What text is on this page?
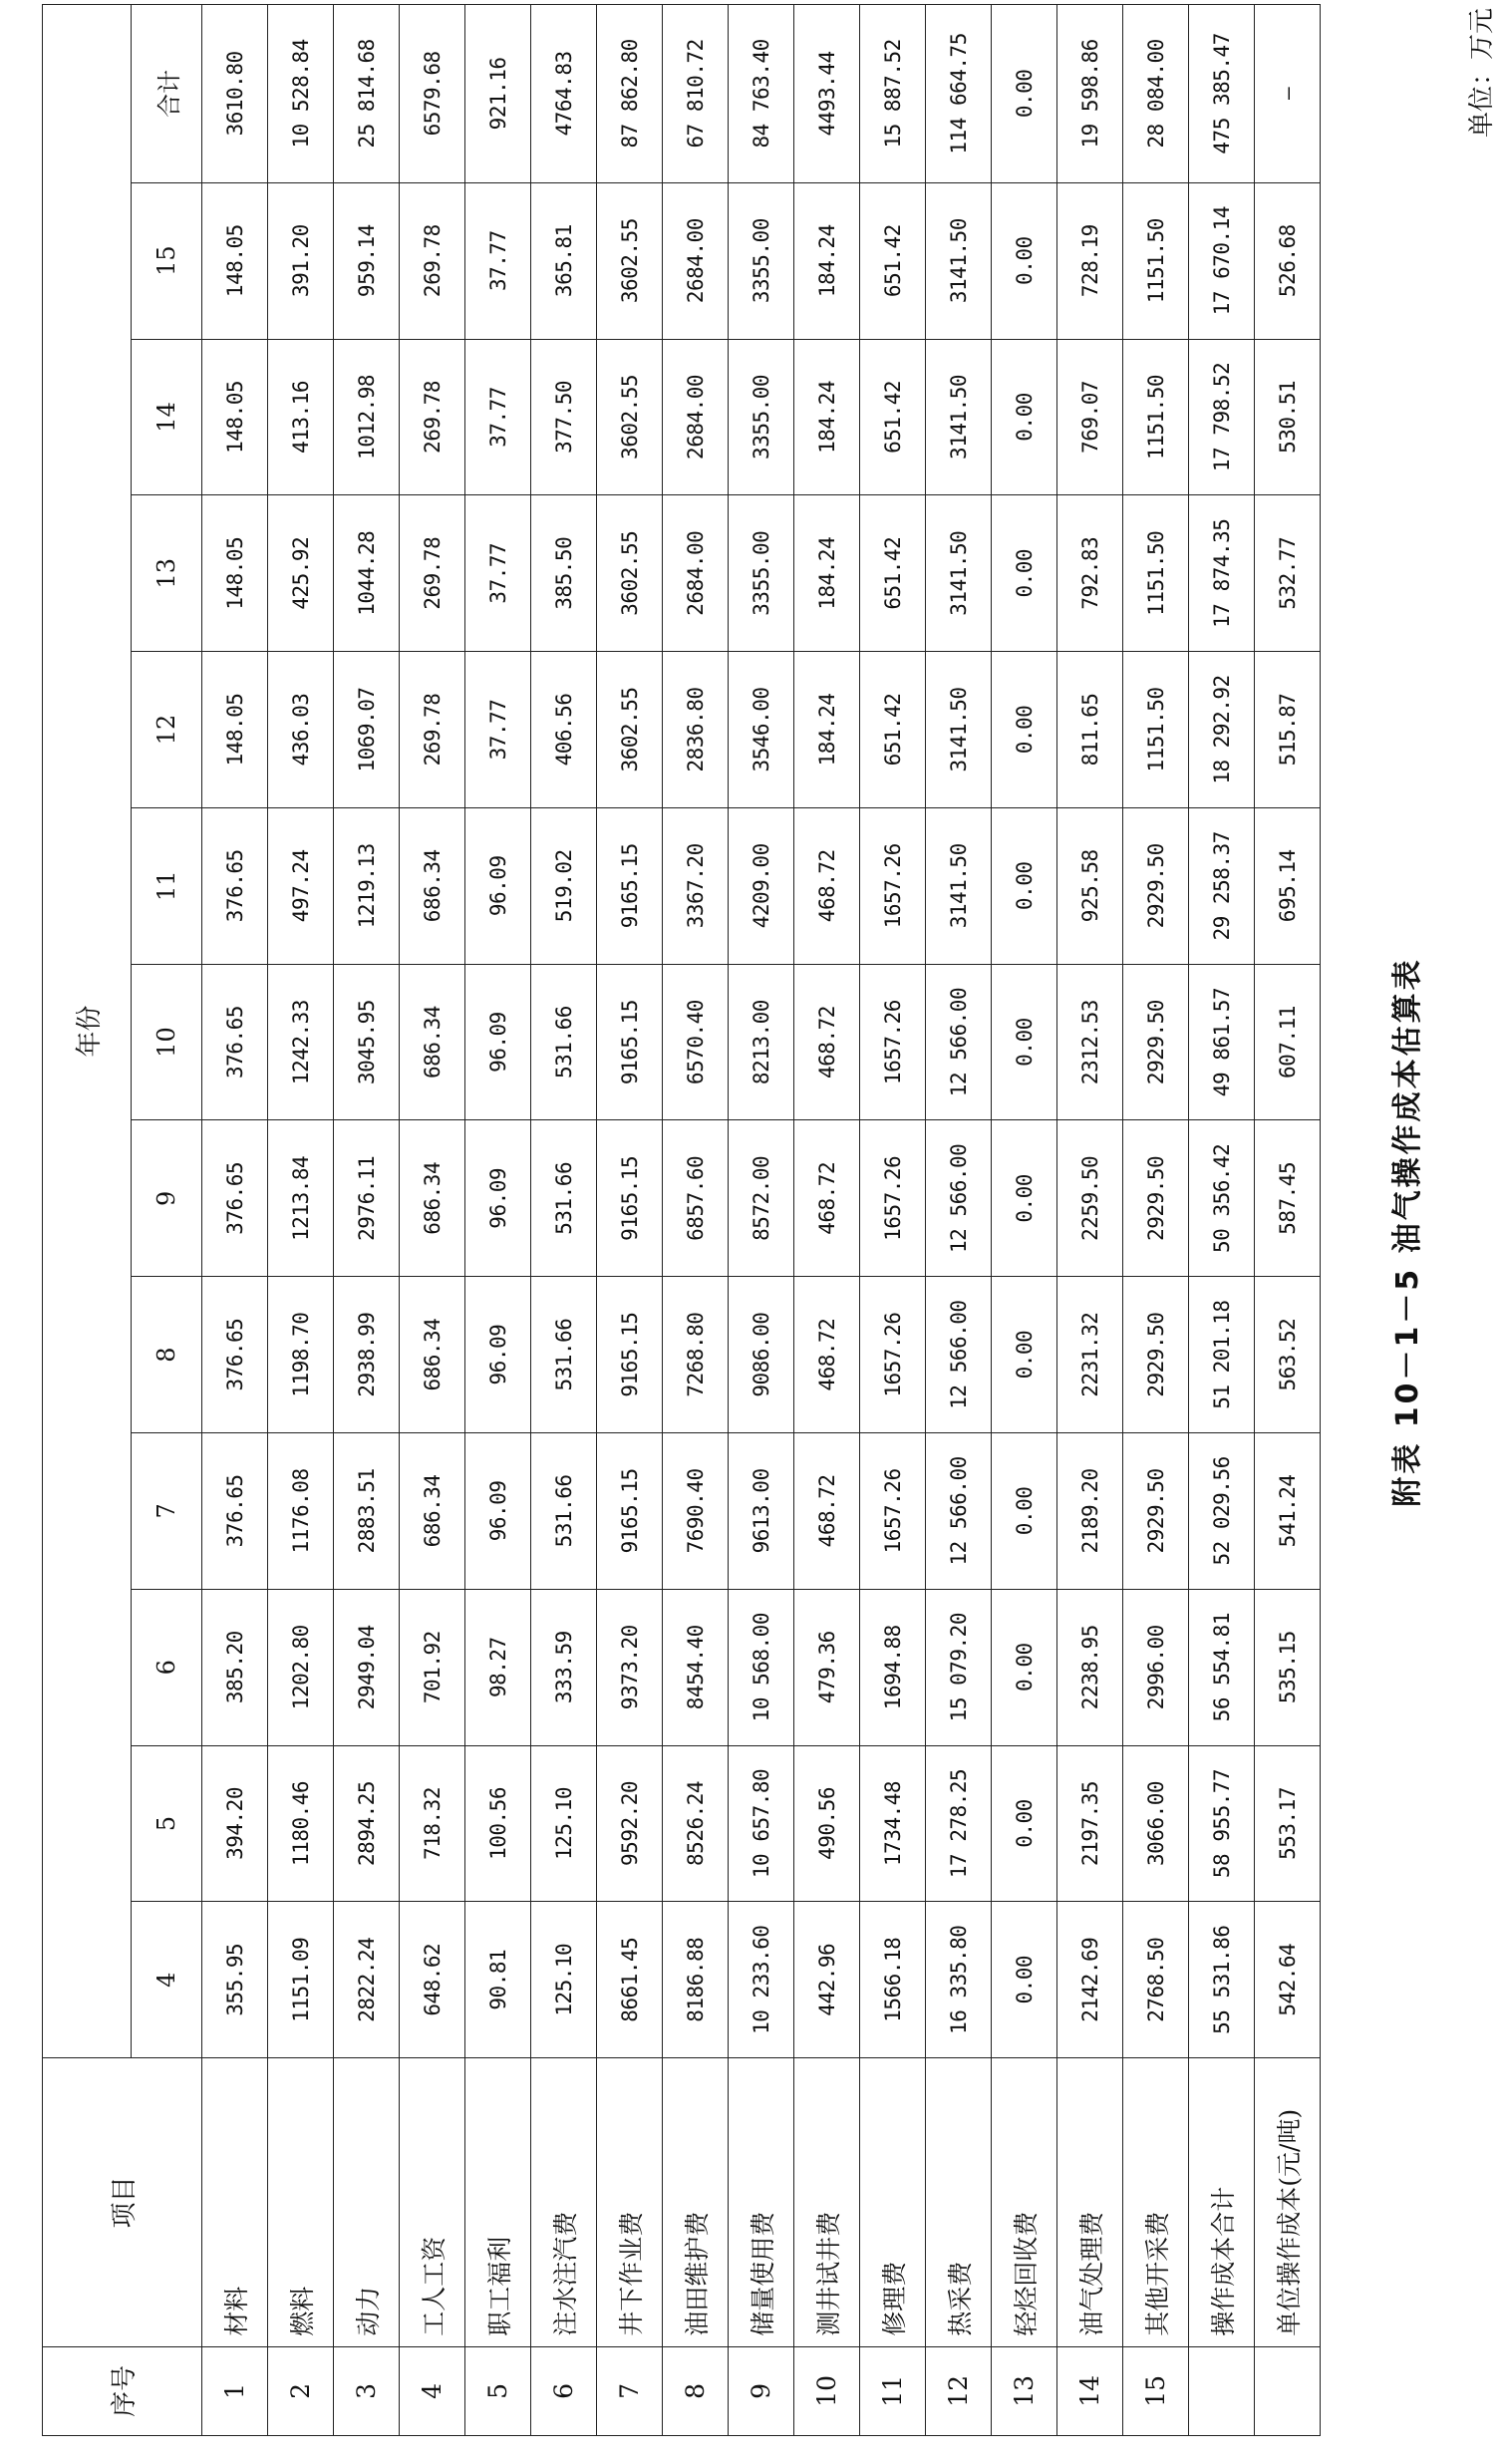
附表 10－1－5 油气操作成本估算表
单位：万元
序号	项目	年份												
		4	5	6	7	8	9	10	11	12	13	14	15	合计
1	材料	355.95	394.20	385.20	376.65	376.65	376.65	376.65	376.65	148.05	148.05	148.05	148.05	3610.80
2	燃料	1151.09	1180.46	1202.80	1176.08	1198.70	1213.84	1242.33	497.24	436.03	425.92	413.16	391.20	10 528.84
3	动力	2822.24	2894.25	2949.04	2883.51	2938.99	2976.11	3045.95	1219.13	1069.07	1044.28	1012.98	959.14	25 814.68
4	工人工资	648.62	718.32	701.92	686.34	686.34	686.34	686.34	686.34	269.78	269.78	269.78	269.78	6579.68
5	职工福利	90.81	100.56	98.27	96.09	96.09	96.09	96.09	96.09	37.77	37.77	37.77	37.77	921.16
6	注水注汽费	125.10	125.10	333.59	531.66	531.66	531.66	531.66	519.02	406.56	385.50	377.50	365.81	4764.83
7	井下作业费	8661.45	9592.20	9373.20	9165.15	9165.15	9165.15	9165.15	9165.15	3602.55	3602.55	3602.55	3602.55	87 862.80
8	油田维护费	8186.88	8526.24	8454.40	7690.40	7268.80	6857.60	6570.40	3367.20	2836.80	2684.00	2684.00	2684.00	67 810.72
9	储量使用费	10 233.60	10 657.80	10 568.00	9613.00	9086.00	8572.00	8213.00	4209.00	3546.00	3355.00	3355.00	3355.00	84 763.40
10	测井试井费	442.96	490.56	479.36	468.72	468.72	468.72	468.72	468.72	184.24	184.24	184.24	184.24	4493.44
11	修理费	1566.18	1734.48	1694.88	1657.26	1657.26	1657.26	1657.26	1657.26	651.42	651.42	651.42	651.42	15 887.52
12	热采费	16 335.80	17 278.25	15 079.20	12 566.00	12 566.00	12 566.00	12 566.00	3141.50	3141.50	3141.50	3141.50	3141.50	114 664.75
13	轻烃回收费	0.00	0.00	0.00	0.00	0.00	0.00	0.00	0.00	0.00	0.00	0.00	0.00	0.00
14	油气处理费	2142.69	2197.35	2238.95	2189.20	2231.32	2259.50	2312.53	925.58	811.65	792.83	769.07	728.19	19 598.86
15	其他开采费	2768.50	3066.00	2996.00	2929.50	2929.50	2929.50	2929.50	2929.50	1151.50	1151.50	1151.50	1151.50	28 084.00
	操作成本合计	55 531.86	58 955.77	56 554.81	52 029.56	51 201.18	50 356.42	49 861.57	29 258.37	18 292.92	17 874.35	17 798.52	17 670.14	475 385.47
	单位操作成本(元/吨)	542.64	553.17	535.15	541.24	563.52	587.45	607.11	695.14	515.87	532.77	530.51	526.68	—
